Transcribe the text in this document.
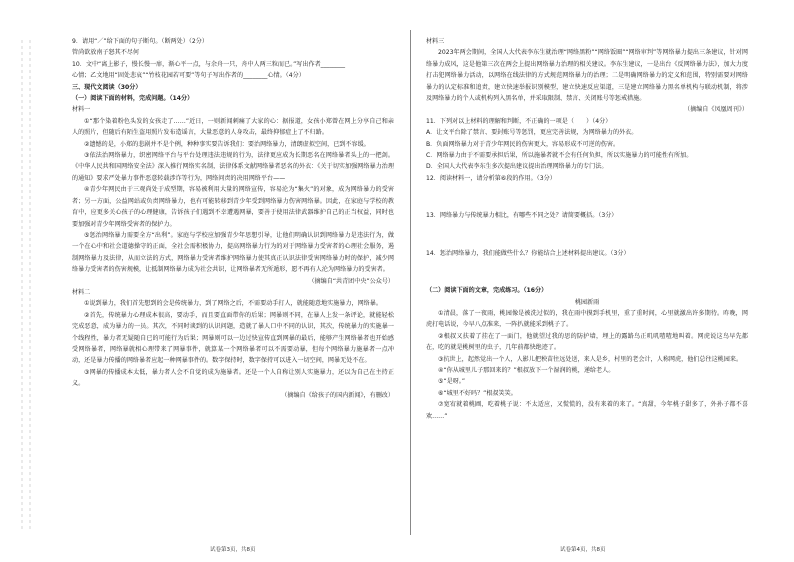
9．请用“／”给下面的句子断句。（断两处）（2分）

管尚欲放南子怒其不尽何

10．文中“离上影子，慢长慢一扉，渐心平一点，与余舟一只，舟中人两三粒而已。”写出作者________

心情；乙文地用“固处悲哀”“竹枝花园若可要”等句子写出作者的________心情。（4分）

三、现代文阅读（30分）

（一）阅读下面的材料，完成问题。（14分）

材料一

①“那个染着粉色头发的女孩走了……”近日，一则新闻刺痛了大家的心：据报道，女孩小郑曾在网上分享自己和亲人的照片，但随后有陌生盗用照片发布造谣言，大量恶意的人身攻击，最终抑郁症上了不归路。

②遗憾的是，小郑的悲剧并不是个例，种种事实要告诉我们：要治网络暴力，清朗虚拟空间，已到不容缓。

③依法治网络暴力，织密网络平台与平台处理违法违规的行为，法律更应成为长期恶名在网络暴者头上的一把剑。《中华人民共和国网络安全法》深入推行网络实名制，法律体系文献网络暴者恶名的外衣：《关于切实加强网络暴力治理的通知》要求严处暴力事件恶意转载涉诈等行为，网络问责的决用网络平台——

④青少年网民由于三观尚处于成型期，容易被利用大量的网络宣传，容易沦为“集火”的对象，成为网络暴力的受害者；另一方面，公益网站或负责网络暴力，也有可能转移到青少年受到网络暴力伤害网络暴。因此，在家庭与学校的教育中，应更多关心孩子的心理健康，告诉孩子们遇到不幸遭遇网暴，要善于使用法律武器维护自己的正当权益，同时也要加强对青少年网络受害者的保护力。

⑤惩治网络暴力需要全方“出利”。家庭与学校应加强青少年思想引导，让他们明确认识到网络暴力是违法行为，做一个在心中和社会道德操守的正面，全社会需积极协力，提高网络暴力行为的对于网络暴力受害者的心理社会服务，遏制网络暴力及法律，从而立法的方式，网络暴力受害者维护网络暴力使其真正认识法律受害网络暴力时的保护，减少网络暴力受害者的伤害规模，让抵制网络暴力成为社会共识，让网络暴者无所遁形，愿不再有人沦为网络暴力的受害者。

（摘编自“共青团中央”公众号）

材料二

①说到暴力，我们首先想到的会是传统暴力，到了网络之后，不需要动手打人，就能随意地实施暴力，网络暴。

②首先，传统暴力心理成本很高，要动手，而且要直面带你的后果；网暴则不同，在暴人上发一条评论，就能轻松完成恶意，成为暴力的一员。其次，不同时谈到的认识问题，造就了暴人口中不同的认识，其次，传统暴力的实施暴一个线程性，暴力者无疑随自已的可能行为后果；网暴则可以一边过快宣传直到网暴的最后，能够产生网络暴者也开始感受网络暴者，网络暴就相心理带来了网暴事件，就算某一个网络暴者可以不需要动暴，但每个网络暴力施暴者一点冲动，还是暴力传播的网络暴者应起一种网暴事件的。数字保持时，数字保持可以进入一切空间，网暴无处不在。

③网暴的传播成本太低，暴力者人会不自觉的成为施暴者。还是一个人自称让别人实施暴力，还以为自己在主持正义。

（摘编自《给孩子的国内新闻》，有删改）

材料三

2023年两会期间，全国人大代表李东生就治理“网络黑粉”“网络饭圈”“网络审判”等网络暴力提出三条建议，针对网络暴力成风，这是他第三次在两会上提出网络暴力治理的相关建议。李东生建议，一是出台《反网络暴力法》，加大力度打击犯网络暴力活动，以网络在线法律的方式规范网络暴力的治理；二是明确网络暴力的定义和范围，特别需要对网络暴力的认定标准和追责，建立快速举报识别模型，建立快速反应渠道，三是建立网络暴力黑名单机构与联动机制，将涉及网络暴力的个人或机构列入黑名单，并采取限制、禁言、关闭账号等惩戒措施。

（摘编自《凤凰周刊》）

11．下列对以上材料的理解和判断，不正确的一项是（　　）（4分）

A．让文平台除了禁言、要封账号等惩罚，更应完善法规，为网络暴力的外衣。

B．负面网络暴力对于青少年网民的伤害更大，容易形成不可逆的伤害。

C．网络暴力由于不需要承担后果，所以施暴者就不会有任何负担，所以实施暴力的可能性有所加。

D．全国人大代表李东生多次提出建议提出治理网络暴力的专门法。

12．阅读材料一，请分析第⑥段的作用。（3分）

13．网络暴力与传统暴力相比，有哪些不同之处？请简要概括。（3分）

14．惩治网络暴力，我们能做些什么？你能结合上述材料提出建议。（3分）

（二）阅读下面的文章，完成练习。（16分）

桃园新雨

①清晨，落了一夜雨，桃园像是被洗过似的，我在雨中摸到手机里，重了重时间，心里就激出许多期待。昨晚，网虎打电话说，今早八点准来，一阵扒就能采到桃子了。

②根叔又扶着了挂在了一面门，他就望过我的思的防护墙，埋上的露路鸟正叽叽喳喳地叫着。网虎说这鸟早先都在，吃的就是桃树里的虫子，几年前都快绝迹了。

③抗世上，起然觉出一个人，人影儿把秧苗往远处送，来人是乡，村里的老会计，人称网虎，他们总往这桃园来。

④“你从城里儿子那回来的？”根叔放下一个湿润的桃，递给老人。

⑤“是呀。”

⑥“城里不好吗？”根叔笑笑。

⑦宽宥就着桃圃，吃着桃子说：不太适应，又慌慌的，没有来着的来了。“真甜，今年桃子甜多了，外孙子都不喜欢……”

试卷第3页，共8页	试卷第4页，共8页
